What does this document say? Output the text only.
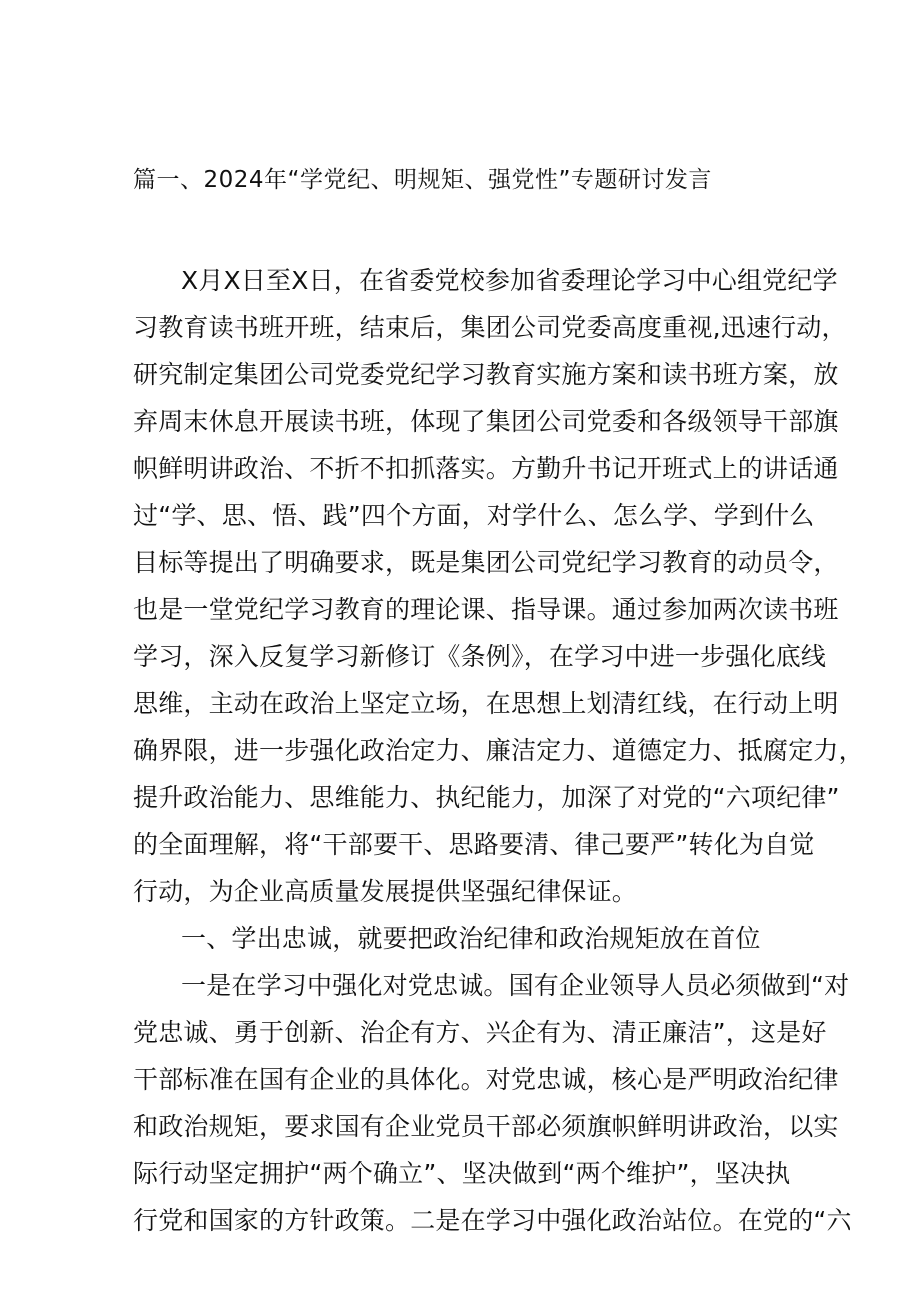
篇一、2024年“学党纪、明规矩、强党性”专题研讨发言
X月X日至X日，在省委党校参加省委理论学习中心组党纪学
习教育读书班开班，结束后，集团公司党委高度重视,迅速行动，
研究制定集团公司党委党纪学习教育实施方案和读书班方案，放
弃周末休息开展读书班，体现了集团公司党委和各级领导干部旗
帜鲜明讲政治、不折不扣抓落实。方勤升书记开班式上的讲话通
过“学、思、悟、践”四个方面，对学什么、怎么学、学到什么
目标等提出了明确要求，既是集团公司党纪学习教育的动员令，
也是一堂党纪学习教育的理论课、指导课。通过参加两次读书班
学习，深入反复学习新修订《条例》，在学习中进一步强化底线
思维，主动在政治上坚定立场，在思想上划清红线，在行动上明
确界限，进一步强化政治定力、廉洁定力、道德定力、抵腐定力，
提升政治能力、思维能力、执纪能力，加深了对党的“六项纪律”
的全面理解，将“干部要干、思路要清、律己要严”转化为自觉
行动，为企业高质量发展提供坚强纪律保证。
一、学出忠诚，就要把政治纪律和政治规矩放在首位
一是在学习中强化对党忠诚。国有企业领导人员必须做到“对
党忠诚、勇于创新、治企有方、兴企有为、清正廉洁”，这是好
干部标准在国有企业的具体化。对党忠诚，核心是严明政治纪律
和政治规矩，要求国有企业党员干部必须旗帜鲜明讲政治，以实
际行动坚定拥护“两个确立”、坚决做到“两个维护”，坚决执
行党和国家的方针政策。二是在学习中强化政治站位。在党的“六
